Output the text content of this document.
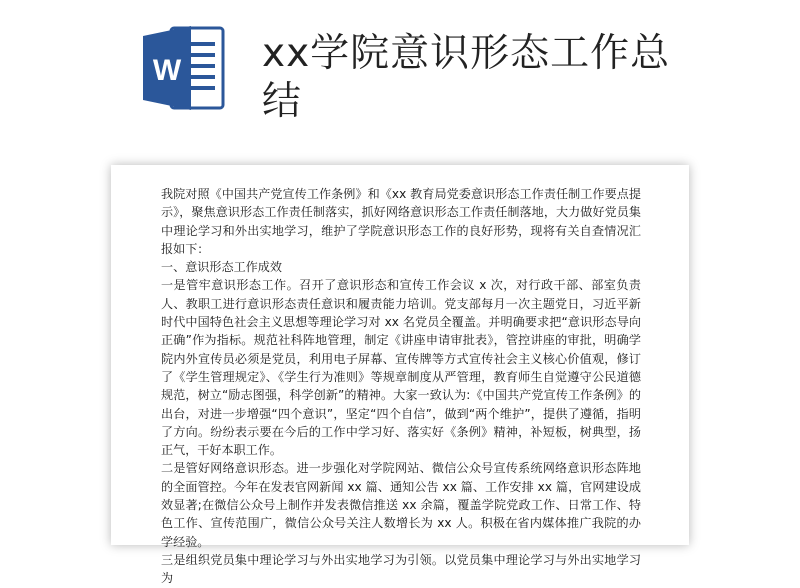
W xx学院意识形态工作总结

我院对照《中国共产党宣传工作条例》和《xx 教育局党委意识形态工作责任制工作要点提示》，聚焦意识形态工作责任制落实，抓好网络意识形态工作责任制落地，大力做好党员集中理论学习和外出实地学习，维护了学院意识形态工作的良好形势，现将有关自查情况汇报如下：

一、意识形态工作成效

一是管牢意识形态工作。召开了意识形态和宣传工作会议 x 次，对行政干部、部室负责人、教职工进行意识形态责任意识和履责能力培训。党支部每月一次主题党日，习近平新时代中国特色社会主义思想等理论学习对 xx 名党员全覆盖。并明确要求把“意识形态导向正确”作为指标。规范社科阵地管理，制定《讲座申请审批表》，管控讲座的审批，明确学院内外宣传员必须是党员，利用电子屏幕、宣传牌等方式宣传社会主义核心价值观，修订了《学生管理规定》、《学生行为准则》等规章制度从严管理，教育师生自觉遵守公民道德规范，树立“励志图强，科学创新”的精神。大家一致认为:《中国共产党宣传工作条例》的出台，对进一步增强“四个意识”，坚定“四个自信”，做到“两个维护”，提供了遵循，指明了方向。纷纷表示要在今后的工作中学习好、落实好《条例》精神，补短板，树典型，扬正气，干好本职工作。

二是管好网络意识形态。进一步强化对学院网站、微信公众号宣传系统网络意识形态阵地的全面管控。今年在发表官网新闻 xx 篇、通知公告 xx 篇、工作安排 xx 篇，官网建设成效显著;在微信公众号上制作并发表微信推送 xx 余篇，覆盖学院党政工作、日常工作、特色工作、宣传范围广，微信公众号关注人数增长为 xx 人。积极在省内媒体推广我院的办学经验。

三是组织党员集中理论学习与外出实地学习为引领。以党员集中理论学习与外出实地学习为
